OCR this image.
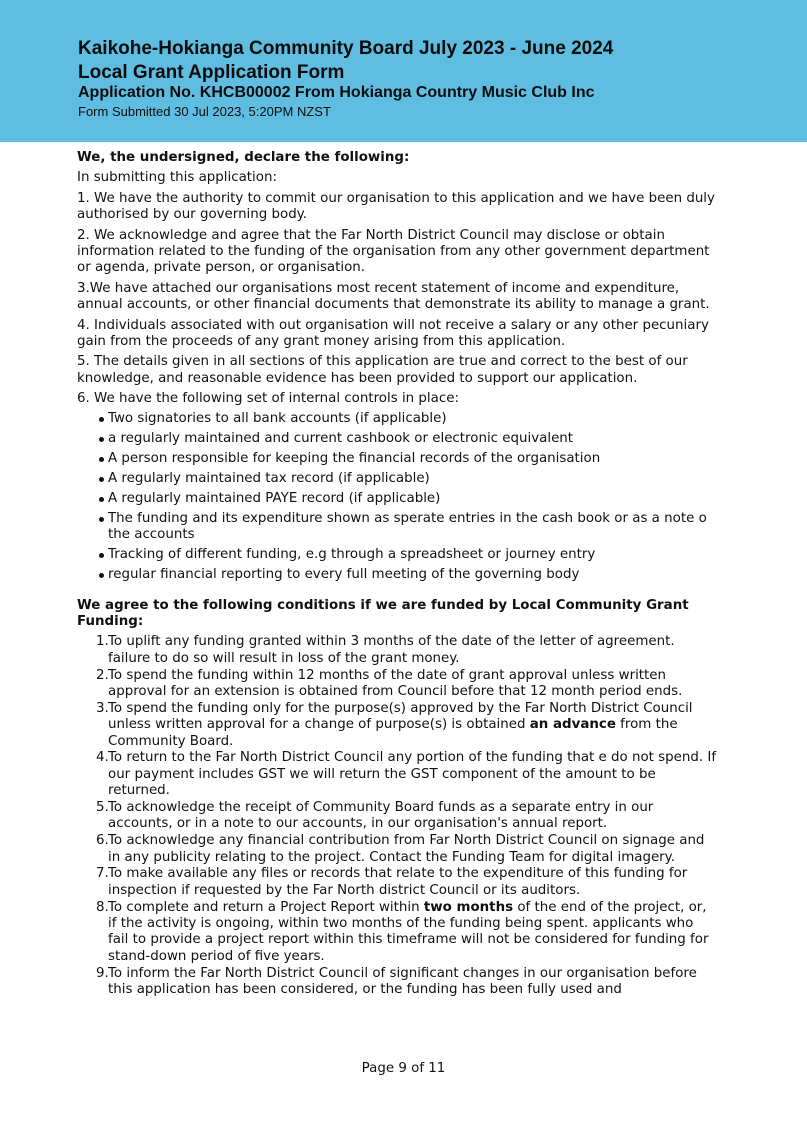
Kaikohe-Hokianga Community Board July 2023 - June 2024
Local Grant Application Form
Application No. KHCB00002 From Hokianga Country Music Club Inc
Form Submitted 30 Jul 2023, 5:20PM NZST
We, the undersigned, declare the following:
In submitting this application:
1. We have the authority to commit our organisation to this application and we have been duly authorised by our governing body.
2. We acknowledge and agree that the Far North District Council may disclose or obtain information related to the funding of the organisation from any other government department or agenda, private person, or organisation.
3.We have attached our organisations most recent statement of income and expenditure, annual accounts, or other financial documents that demonstrate its ability to manage a grant.
4. Individuals associated with out organisation will not receive a salary or any other pecuniary gain from the proceeds of any grant money arising from this application.
5. The details given in all sections of this application are true and correct to the best of our knowledge, and reasonable evidence has been provided to support our application.
6. We have the following set of internal controls in place:
Two signatories to all bank accounts (if applicable)
a regularly maintained and current cashbook or electronic equivalent
A person responsible for keeping the financial records of the organisation
A regularly maintained tax record (if applicable)
A regularly maintained PAYE record (if applicable)
The funding and its expenditure shown as sperate entries in the cash book or as a note o the accounts
Tracking of different funding, e.g through a spreadsheet or journey entry
regular financial reporting to every full meeting of the governing body
We agree to the following conditions if we are funded by Local Community Grant Funding:
1. To uplift any funding granted within 3 months of the date of the letter of agreement. failure to do so will result in loss of the grant money.
2. To spend the funding within 12 months of the date of grant approval unless written approval for an extension is obtained from Council before that 12 month period ends.
3. To spend the funding only for the purpose(s) approved by the Far North District Council unless written approval for a change of purpose(s) is obtained an advance from the Community Board.
4. To return to the Far North District Council any portion of the funding that e do not spend. If our payment includes GST we will return the GST component of the amount to be returned.
5. To acknowledge the receipt of Community Board funds as a separate entry in our accounts, or in a note to our accounts, in our organisation's annual report.
6. To acknowledge any financial contribution from Far North District Council on signage and in any publicity relating to the project. Contact the Funding Team for digital imagery.
7. To make available any files or records that relate to the expenditure of this funding for inspection if requested by the Far North district Council or its auditors.
8. To complete and return a Project Report within two months of the end of the project, or, if the activity is ongoing, within two months of the funding being spent. applicants who fail to provide a project report within this timeframe will not be considered for funding for stand-down period of five years.
9. To inform the Far North District Council of significant changes in our organisation before this application has been considered, or the funding has been fully used and
Page 9 of 11
